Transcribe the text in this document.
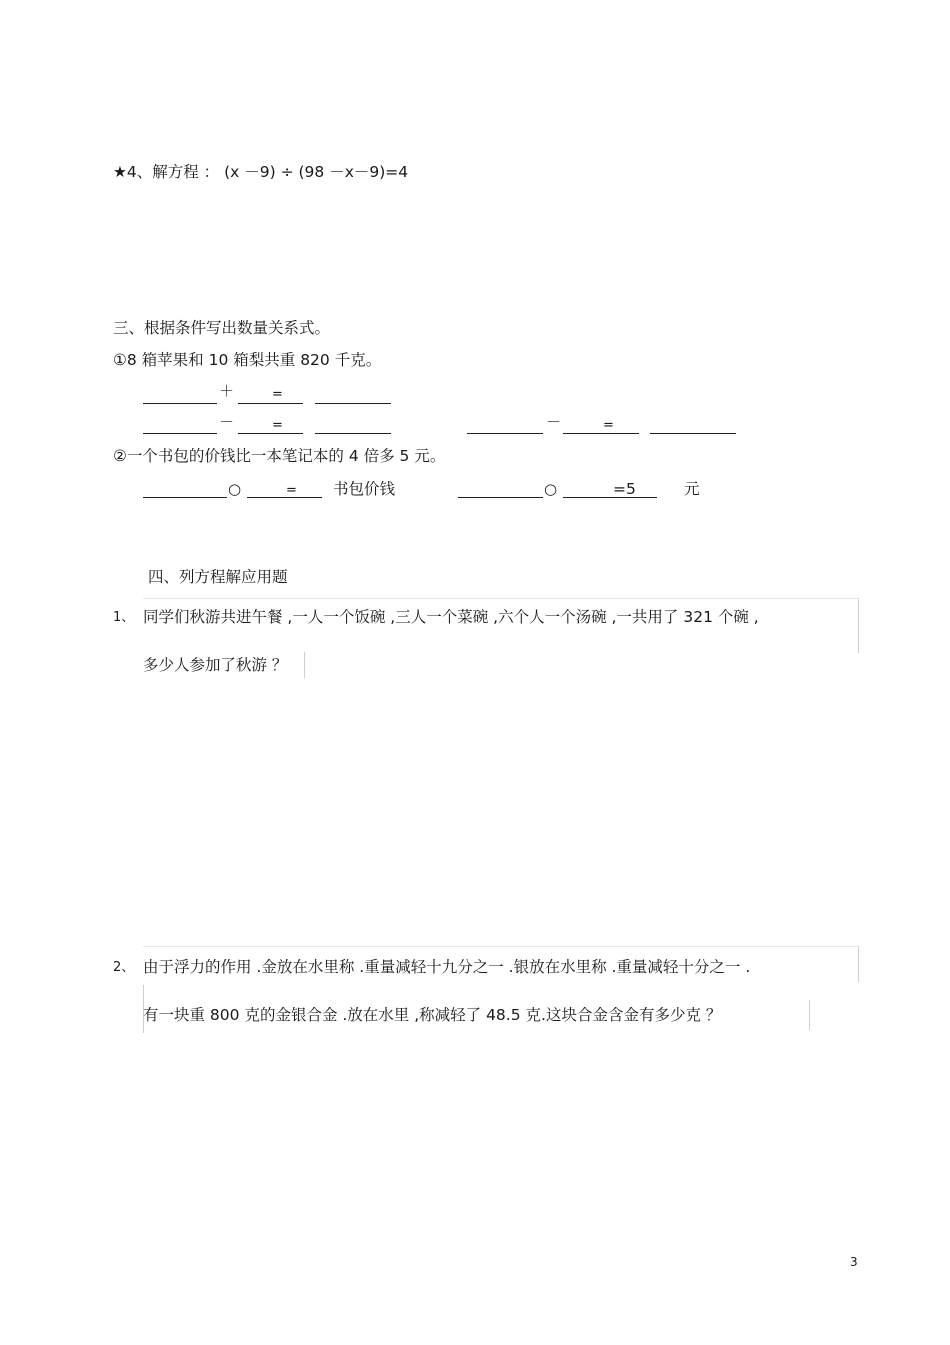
★4、解方程 ： (x －9) ÷ (98 －x－9)=4
三、根据条件写出数量关系式。
①8 箱苹果和 10 箱梨共重 820 千克。
＋	=
－	=	－	=
②一个书包的价钱比一本笔记本的 4 倍多 5 元。
○	= 书包价钱	○	=5	元
四、列方程解应用题
1、 同学们秋游共进午餐 ,一人一个饭碗 ,三人一个菜碗 ,六个人一个汤碗 ,一共用了 321 个碗 ,
多少人参加了秋游 ？
2、 由于浮力的作用 .金放在水里称 .重量减轻十九分之一 .银放在水里称 .重量减轻十分之一 .
有一块重 800 克的金银合金 .放在水里 ,称减轻了 48.5 克.这块合金含金有多少克 ？
3
